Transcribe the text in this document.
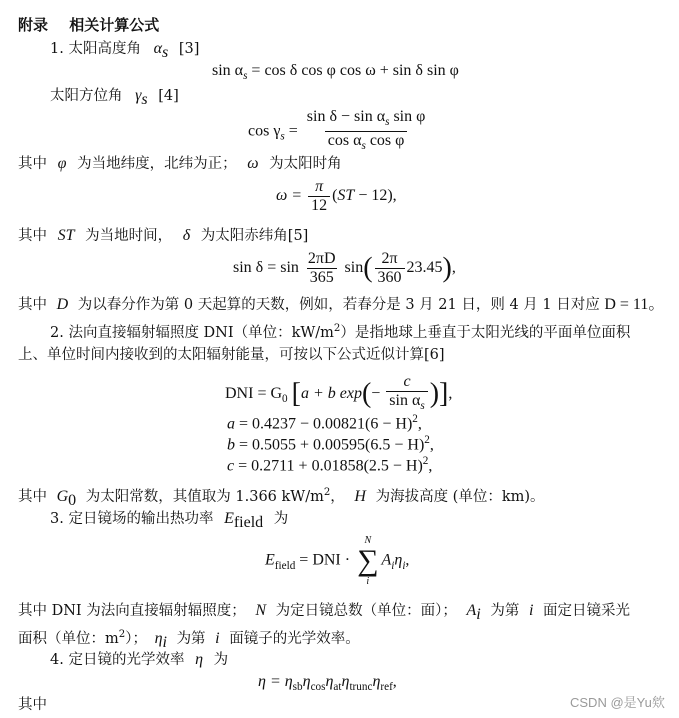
附录 相关计算公式
1. 太阳高度角 $\alpha_s$ [3]
$\sin \alpha_s = \cos \delta$ cos φ cos ω + sin δ sin φ
太阳方位角 $\gamma_s$ [4]
$\cos \gamma_s = \frac{\sin \delta - \sin \alpha_s \sin \varphi}{\cos \alpha_s \cos \varphi}$
其中 φ 为当地纬度，北纬为正； ω 为太阳时角
$\omega = \frac{\pi}{12} (ST - 12)$,
其中 ST 为当地时间， δ 为太阳赤纬角[5]
$\sin \delta = \sin \frac{2\pi D}{365} \sin( \frac{2\pi}{360} 23.45)$,
其中 D 为以春分作为第 0 天起算的天数，例如，若春分是 3 月 21 日，则 4 月 1 日对应 D = 11。
2. 法向直接辐射辐照度 DNI（单位：$kW/m^2$）是指地球上垂直于太阳光线的平面单位面积
上、单位时间内接收到的太阳辐射能量，可按以下公式近似计算[6]
DNI = $G_0$ [a + b $\exp(- \frac{c}{\sin \alpha_s}$ )],
$a = 0.4237 - 0.00821(6 - H)^2$,
$b = 0.5055 + 0.00595(6.5 - H)^2$,
$c = 0.2711 + 0.01858(2.5 - H)^2$,
其中 $G_0$ 为太阳常数，其值取为 1.366 $kW/m^2$， H 为海拔高度 (单位：km)。
3. 定日镜场的输出热功率 $E_{field}$ 为
$E_{field}$ = DNI ·
N
∑
i
$A_i\eta_i$,
其中 DNI 为法向直接辐射辐照度； N 为定日镜总数（单位：面）； $A_i$ 为第 i 面定日镜采光
面积（单位：$m^2$）； $\eta_i$ 为第 i 面镜子的光学效率。
4. 定日镜的光学效率 η 为
$\eta = \eta_{sb}\eta_{cos}\eta_{at}\eta_{trunc}\eta_{ref}$,
其中	CSDN @是Yu欸
